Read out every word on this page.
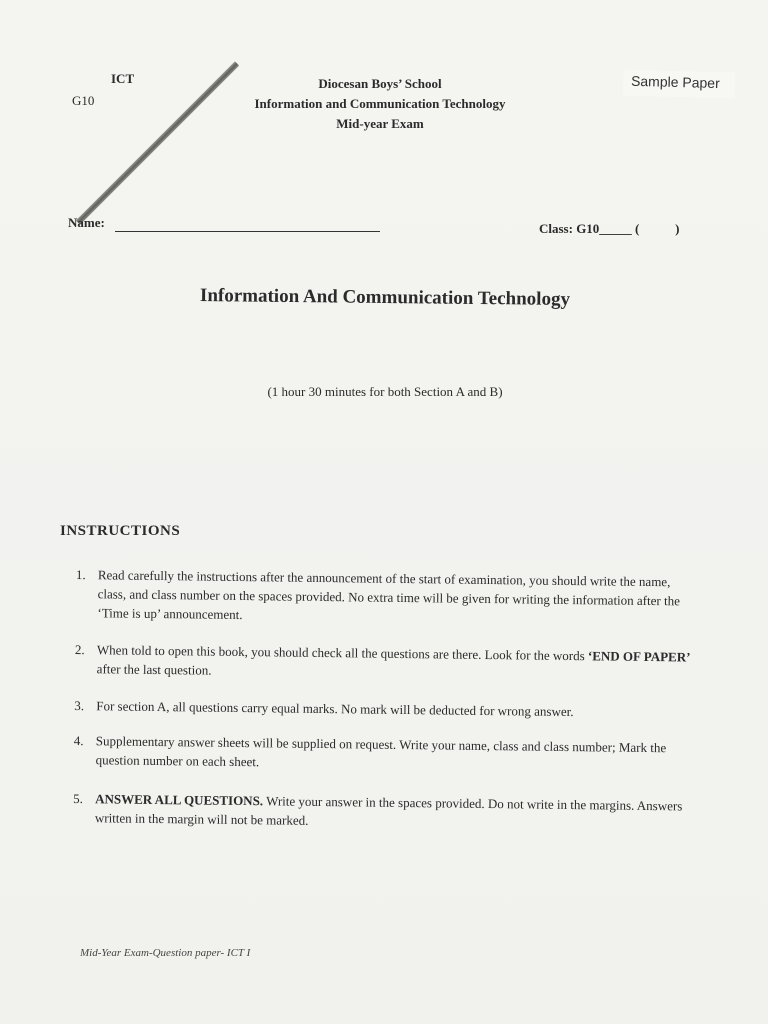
ICT
G10
Diocesan Boys’ School
Information and Communication Technology
Mid-year Exam
Sample Paper
Name:	Class: G10_____ (           )
Information And Communication Technology
(1 hour 30 minutes for both Section A and B)
INSTRUCTIONS
1. Read carefully the instructions after the announcement of the start of examination, you should write the name, class, and class number on the spaces provided. No extra time will be given for writing the information after the ‘Time is up’ announcement.
2. When told to open this book, you should check all the questions are there. Look for the words ‘END OF PAPER’ after the last question.
3. For section A, all questions carry equal marks. No mark will be deducted for wrong answer.
4. Supplementary answer sheets will be supplied on request. Write your name, class and class number; Mark the question number on each sheet.
5. ANSWER ALL QUESTIONS. Write your answer in the spaces provided. Do not write in the margins. Answers written in the margin will not be marked.
Mid-Year Exam-Question paper- ICT I
